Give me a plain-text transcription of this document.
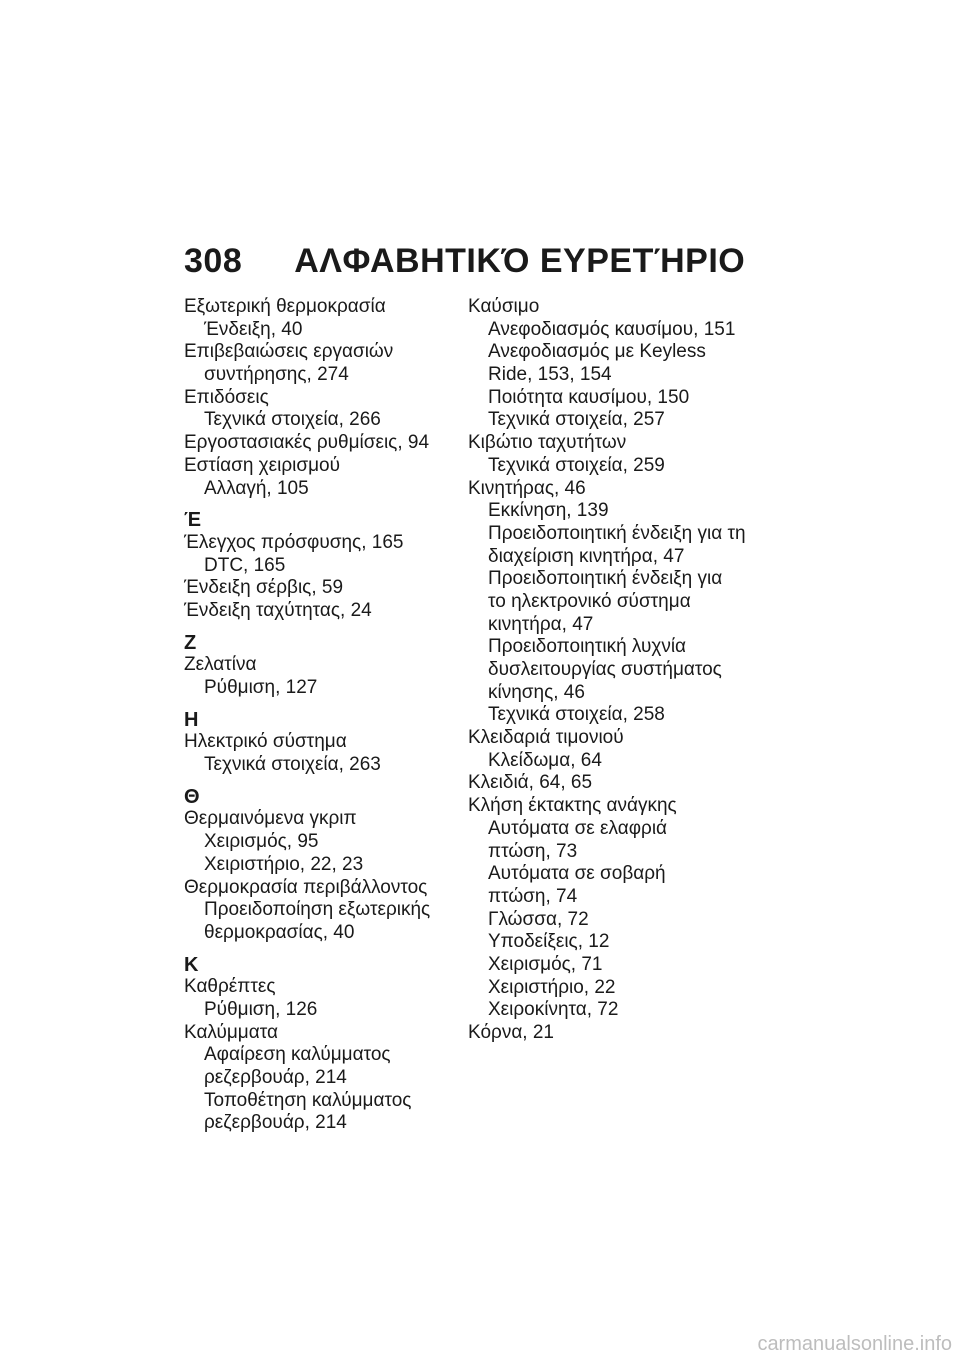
308 ΑΛΦΑΒΗΤΙΚΌ ΕΥΡΕΤΉΡΙΟ
Εξωτερική θερμοκρασία
Ένδειξη, 40
Επιβεβαιώσεις εργασιών
συντήρησης, 274
Επιδόσεις
Τεχνικά στοιχεία, 266
Εργοστασιακές ρυθμίσεις, 94
Εστίαση χειρισμού
Αλλαγή, 105
Έ
Έλεγχος πρόσφυσης, 165
DTC, 165
Ένδειξη σέρβις, 59
Ένδειξη ταχύτητας, 24
Ζ
Ζελατίνα
Ρύθμιση, 127
Η
Ηλεκτρικό σύστημα
Τεχνικά στοιχεία, 263
Θ
Θερμαινόμενα γκριπ
Χειρισμός, 95
Χειριστήριο, 22, 23
Θερμοκρασία περιβάλλοντος
Προειδοποίηση εξωτερικής
θερμοκρασίας, 40
Κ
Καθρέπτες
Ρύθμιση, 126
Καλύμματα
Αφαίρεση καλύμματος
ρεζερβουάρ, 214
Τοποθέτηση καλύμματος
ρεζερβουάρ, 214
Καύσιμο
Ανεφοδιασμός καυσίμου, 151
Ανεφοδιασμός με Keyless
Ride, 153, 154
Ποιότητα καυσίμου, 150
Τεχνικά στοιχεία, 257
Κιβώτιο ταχυτήτων
Τεχνικά στοιχεία, 259
Κινητήρας, 46
Εκκίνηση, 139
Προειδοποιητική ένδειξη για τη
διαχείριση κινητήρα, 47
Προειδοποιητική ένδειξη για
το ηλεκτρονικό σύστημα
κινητήρα, 47
Προειδοποιητική λυχνία
δυσλειτουργίας συστήματος
κίνησης, 46
Τεχνικά στοιχεία, 258
Κλειδαριά τιμονιού
Κλείδωμα, 64
Κλειδιά, 64, 65
Κλήση έκτακτης ανάγκης
Αυτόματα σε ελαφριά
πτώση, 73
Αυτόματα σε σοβαρή
πτώση, 74
Γλώσσα, 72
Υποδείξεις, 12
Χειρισμός, 71
Χειριστήριο, 22
Χειροκίνητα, 72
Κόρνα, 21
carmanualsonline.info
